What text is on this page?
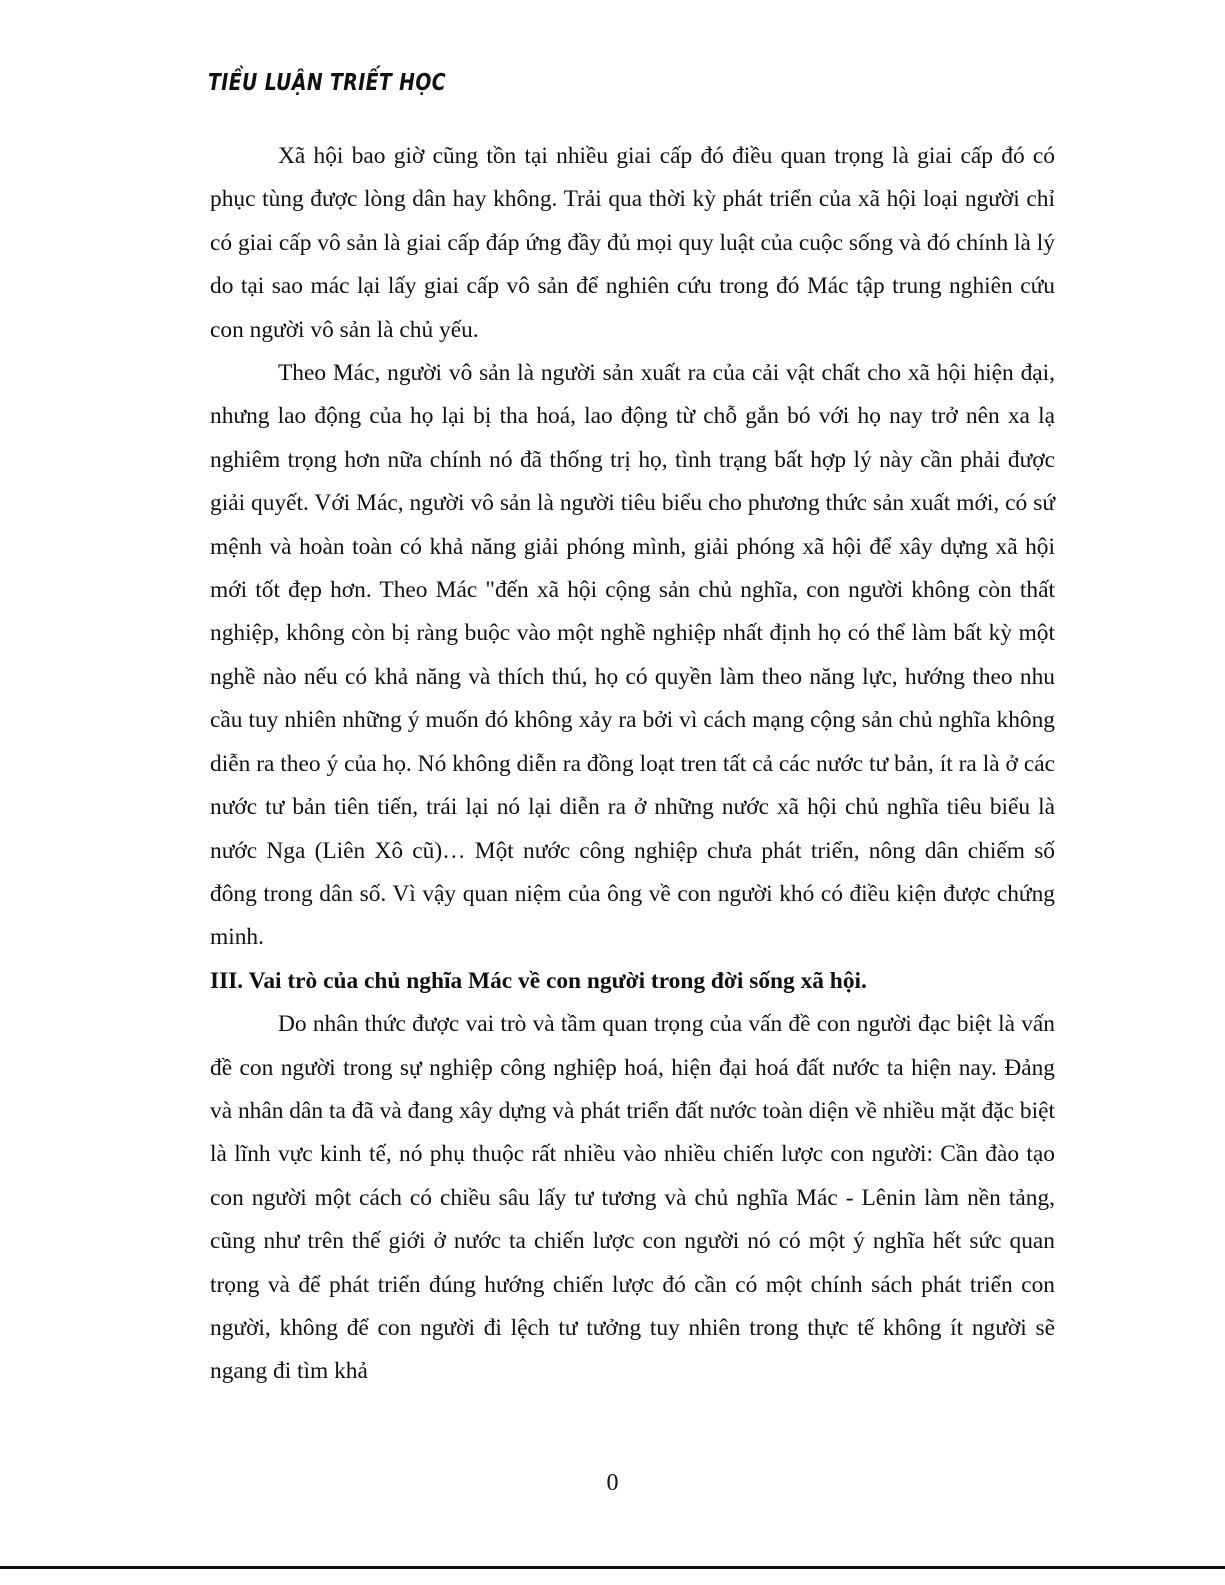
TIỀU LUẬN TRIẾT HỌC

Xã hội bao giờ cũng tồn tại nhiều giai cấp đó điều quan trọng là giai cấp đó có phục tùng được lòng dân hay không. Trải qua thời kỳ phát triển của xã hội loại người chỉ có giai cấp vô sản là giai cấp đáp ứng đầy đủ mọi quy luật của cuộc sống và đó chính là lý do tại sao mác lại lấy giai cấp vô sản để nghiên cứu trong đó Mác tập trung nghiên cứu con người vô sản là chủ yếu.

Theo Mác, người vô sản là người sản xuất ra của cải vật chất cho xã hội hiện đại, nhưng lao động của họ lại bị tha hoá, lao động từ chỗ gắn bó với họ nay trở nên xa lạ nghiêm trọng hơn nữa chính nó đã thống trị họ, tình trạng bất hợp lý này cần phải được giải quyết. Với Mác, người vô sản là người tiêu biểu cho phương thức sản xuất mới, có sứ mệnh và hoàn toàn có khả năng giải phóng mình, giải phóng xã hội để xây dựng xã hội mới tốt đẹp hơn. Theo Mác "đến xã hội cộng sản chủ nghĩa, con người không còn thất nghiệp, không còn bị ràng buộc vào một nghề nghiệp nhất định họ có thể làm bất kỳ một nghề nào nếu có khả năng và thích thú, họ có quyền làm theo năng lực, hướng theo nhu cầu tuy nhiên những ý muốn đó không xảy ra bởi vì cách mạng cộng sản chủ nghĩa không diễn ra theo ý của họ. Nó không diễn ra đồng loạt tren tất cả các nước tư bản, ít ra là ở các nước tư bản tiên tiến, trái lại nó lại diễn ra ở những nước xã hội chủ nghĩa tiêu biểu là nước Nga (Liên Xô cũ)… Một nước công nghiệp chưa phát triển, nông dân chiếm số đông trong dân số. Vì vậy quan niệm của ông về con người khó có điều kiện được chứng minh.

III. Vai trò của chủ nghĩa Mác về con người trong đời sống xã hội.

Do nhân thức được vai trò và tầm quan trọng của vấn đề con người đạc biệt là vấn đề con người trong sự nghiệp công nghiệp hoá, hiện đại hoá đất nước ta hiện nay. Đảng và nhân dân ta đã và đang xây dựng và phát triển đất nước toàn diện về nhiều mặt đặc biệt là lĩnh vực kinh tế, nó phụ thuộc rất nhiều vào nhiều chiến lược con người: Cần đào tạo con người một cách có chiều sâu lấy tư tương và chủ nghĩa Mác - Lênin làm nền tảng, cũng như trên thế giới ở nước ta chiến lược con người nó có một ý nghĩa hết sức quan trọng và để phát triển đúng hướng chiến lược đó cần có một chính sách phát triển con người, không để con người đi lệch tư tưởng tuy nhiên trong thực tế không ít người sẽ ngang đi tìm khả

0
